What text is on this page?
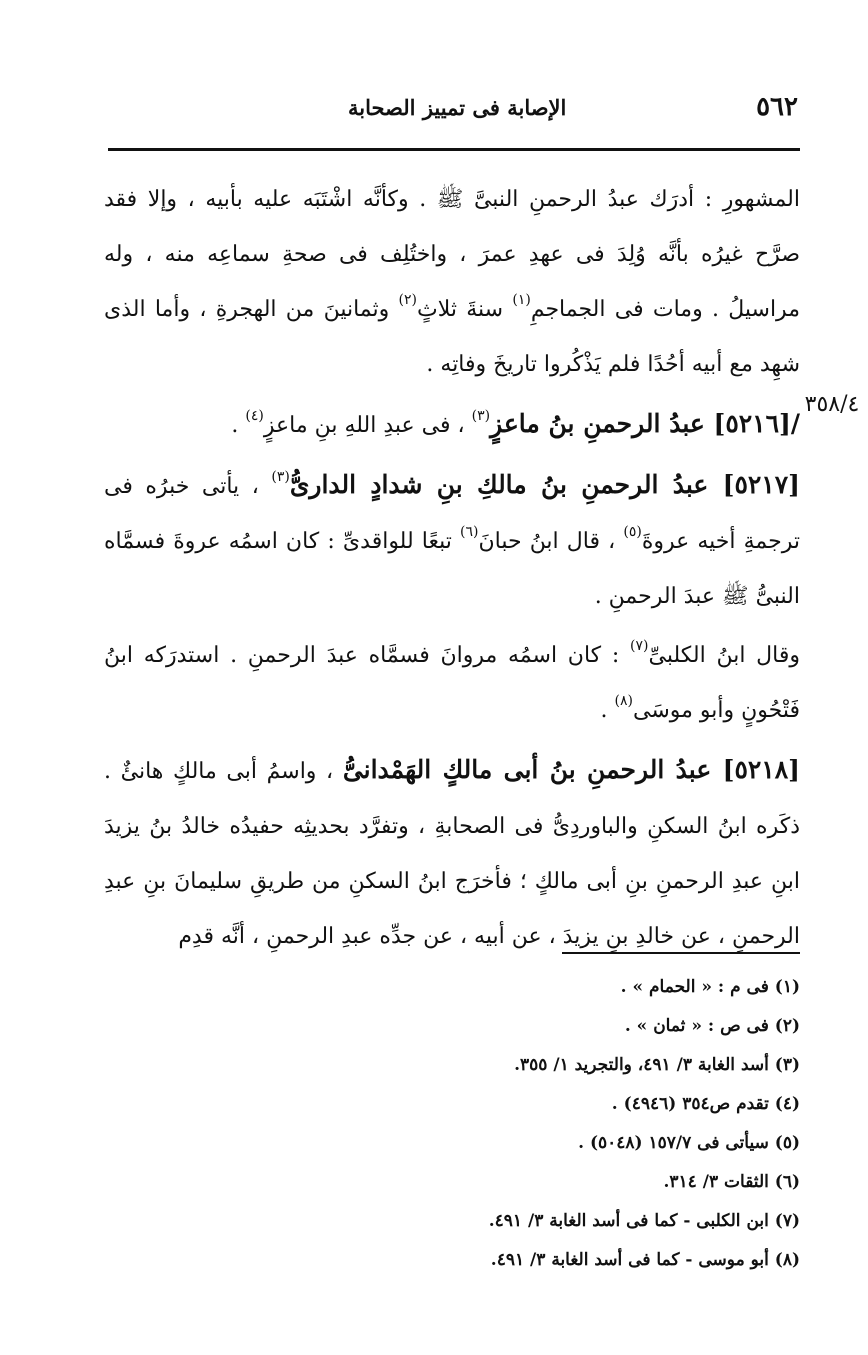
٥٦٢
الإصابة فى تمييز الصحابة
٣٥٨/٤

المشهورِ : أدرَك عبدُ الرحمنِ النبىَّ ﷺ . وكأنَّه اشْتَبَه عليه بأبيه ، وإلا فقد صرَّح غيرُه بأنَّه وُلِدَ فى عهدِ عمرَ ، واختُلِف فى صحةِ سماعِه منه ، وله مراسيلُ . ومات فى الجماجمِ$^{(١)}$ سنةَ ثلاثٍ$^{(٢)}$ وثمانينَ من الهجرةِ ، وأما الذى شهِد مع أبيه أحُدًا فلم يَذْكُروا تاريخَ وفاتِه .

/[٥٢١٦] عبدُ الرحمنِ بنُ ماعزٍ$^{(٣)}$ ، فى عبدِ اللهِ بنِ ماعزٍ$^{(٤)}$ .

[٥٢١٧] عبدُ الرحمنِ بنُ مالكِ بنِ شدادٍ الدارىُّ$^{(٣)}$ ، يأتى خبرُه فى ترجمةِ أخيه عروةَ$^{(٥)}$ ، قال ابنُ حبانَ$^{(٦)}$ تبعًا للواقدىِّ : كان اسمُه عروةَ فسمَّاه النبىُّ ﷺ عبدَ الرحمنِ .

وقال ابنُ الكلبىِّ$^{(٧)}$ : كان اسمُه مروانَ فسمَّاه عبدَ الرحمنِ . استدرَكه ابنُ فَتْحُونٍ وأبو موسَى$^{(٨)}$ .

[٥٢١٨] عبدُ الرحمنِ بنُ أبى مالكٍ الهَمْدانىُّ ، واسمُ أبى مالكٍ هانئٌ . ذكَره ابنُ السكنِ والباوردِىُّ فى الصحابةِ ، وتفرَّد بحديثِه حفيدُه خالدُ بنُ يزيدَ ابنِ عبدِ الرحمنِ بنِ أبى مالكٍ ؛ فأخرَج ابنُ السكنِ من طريقِ سليمانَ بنِ عبدِ الرحمنِ ، عن خالدِ بنِ يزيدَ ، عن أبيه ، عن جدِّه عبدِ الرحمنِ ، أنَّه قدِم

(١) فى م : « الحمام » .

(٢) فى ص : « ثمان » .

(٣) أسد الغابة ٣/ ٤٩١، والتجريد ١/ ٣٥٥.

(٤) تقدم ص٣٥٤ (٤٩٤٦) .

(٥) سيأتى فى ١٥٧/٧ (٥٠٤٨) .

(٦) الثقات ٣/ ٣١٤.

(٧) ابن الكلبى - كما فى أسد الغابة ٣/ ٤٩١.

(٨) أبو موسى - كما فى أسد الغابة ٣/ ٤٩١.
